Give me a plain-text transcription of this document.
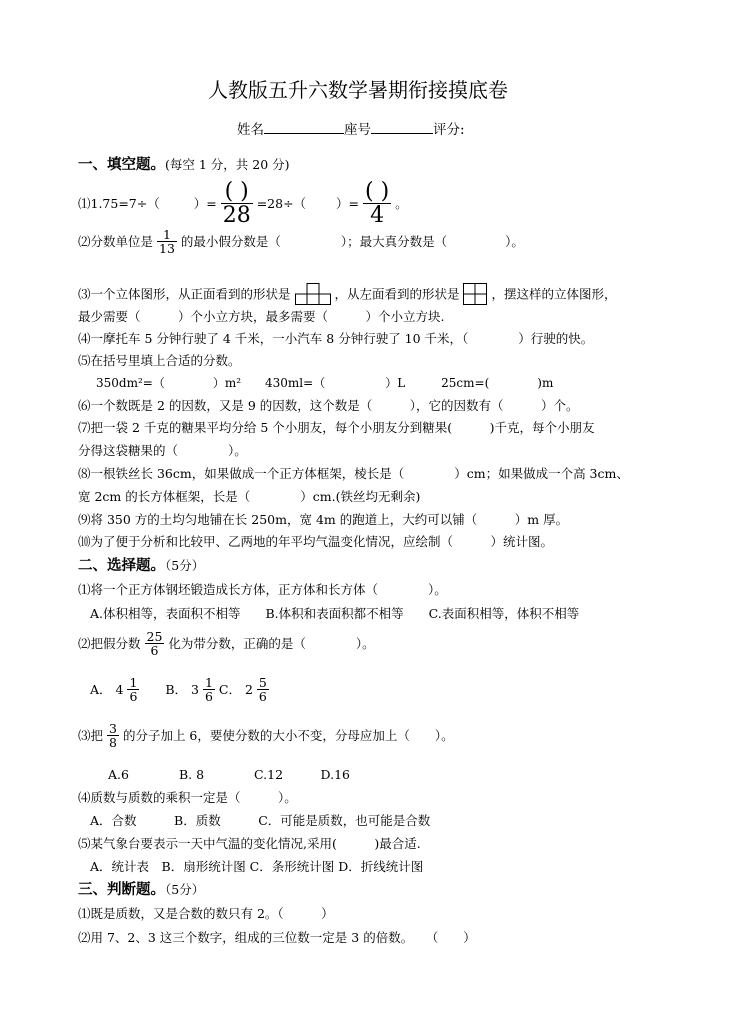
人教版五升六数学暑期衔接摸底卷
姓名	座号	评分:
一、填空题。(每空 1 分，共 20 分)
⑴1.75=7÷（	）= ( )
28 =28÷（ ）= ( )
4 。
⑵分数单位是 $\frac{1}{13}$ 的最小假分数是（	）；最大真分数是（	）。
⑶一个立体图形，从正面看到的形状是	，从左面看到的形状是	，摆这样的立体图形，
最少需要（　　　）个小立方块，最多需要（　　　）个小立方块.
⑷一摩托车 5 分钟行驶了 4 千米，一小汽车 8 分钟行驶了 10 千米，（　　　　）行驶的快。
⑸在括号里填上合适的分数。
350dm²=（　　　　）m²　　430ml=（　　　　　）L　　　25cm=(　　　　)m
⑹一个数既是 2 的因数，又是 9 的因数，这个数是（　　　），它的因数有（　　　）个。
⑺把一袋 2 千克的糖果平均分给 5 个小朋友，每个小朋友分到糖果(　　　)千克，每个小朋友
分得这袋糖果的（　　　　）。
⑻一根铁丝长 36cm，如果做成一个正方体框架，棱长是（　　　　）cm；如果做成一个高 3cm、
宽 2cm 的长方体框架，长是（　　　　）cm.(铁丝均无剩余)
⑼将 350 方的土均匀地铺在长 250m，宽 4m 的跑道上，大约可以铺（　　　）m 厚。
⑽为了便于分析和比较甲、乙两地的年平均气温变化情况，应绘制（　　　）统计图。
二、选择题。（5分）
⑴将一个正方体钢坯锻造成长方体，正方体和长方体（　　　　）。
A.体积相等，表面积不相等　　B.体积和表面积都不相等　　C.表面积相等，体积不相等
⑵把假分数 $\frac{25}{6}$ 化为带分数，正确的是（　　　　）。
A． $4 \frac{1}{6}$ B． $3 \frac{1}{6}$ C． $2 \frac{5}{6}$
⑶把 $\frac{3}{8}$ 的分子加上 6，要使分数的大小不变，分母应加上（　　）。
A.6　　　　B. 8　　　　C.12　　　D.16
⑷质数与质数的乘积一定是（　　　）。
A．合数　　　B．质数　　　C．可能是质数，也可能是合数
⑸某气象台要表示一天中气温的变化情况,采用(　　　)最合适.
A．统计表　B．扇形统计图 C．条形统计图 D．折线统计图
三、判断题。（5分）
⑴既是质数，又是合数的数只有 2。（　　　）
⑵用 7、2、3 这三个数字，组成的三位数一定是 3 的倍数。　　（　　）
